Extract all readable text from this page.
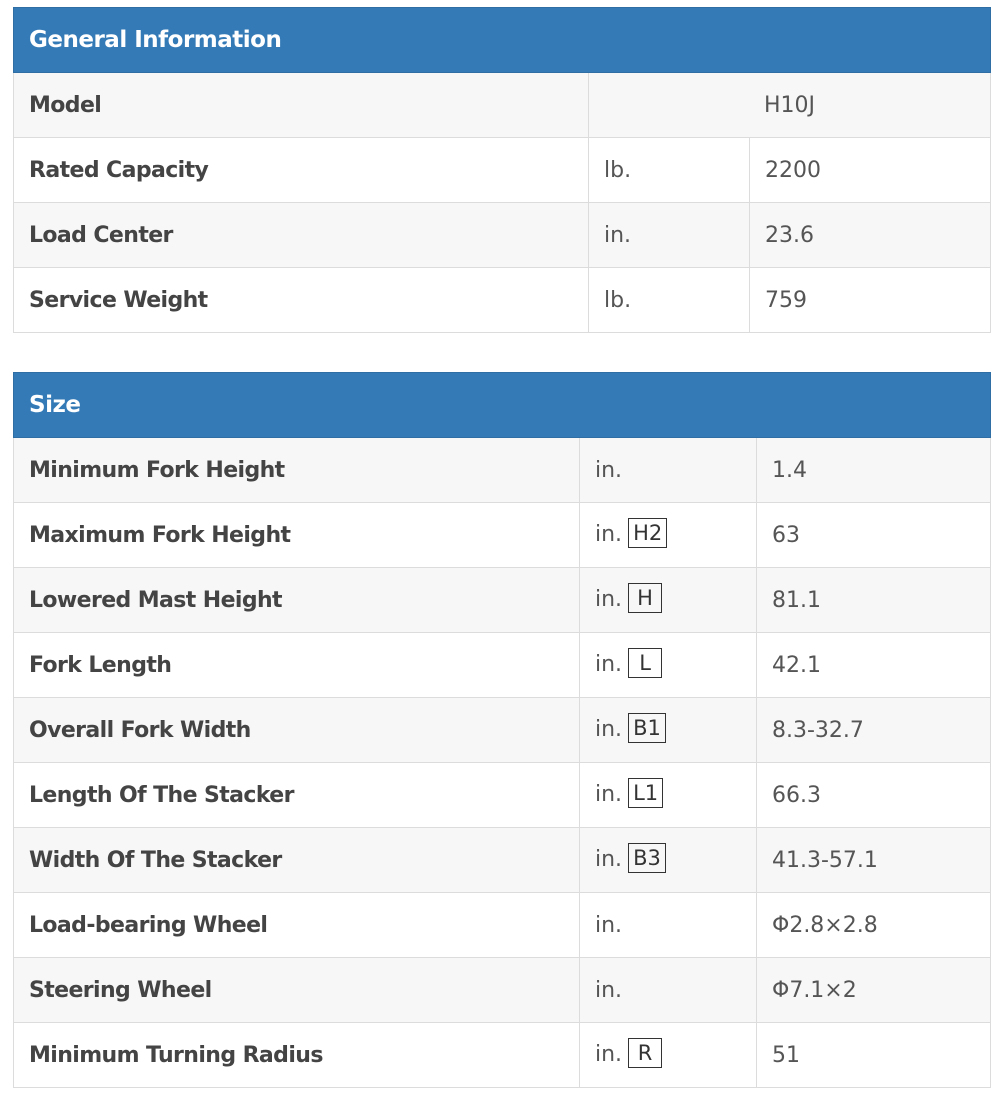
General Information		
Model	H10J	
Rated Capacity	lb.	2200
Load Center	in.	23.6
Service Weight	lb.	759
Size		
Minimum Fork Height	in.	1.4
Maximum Fork Height	in. H2	63
Lowered Mast Height	in. H	81.1
Fork Length	in. L	42.1
Overall Fork Width	in. B1	8.3-32.7
Length Of The Stacker	in. L1	66.3
Width Of The Stacker	in. B3	41.3-57.1
Load-bearing Wheel	in.	Φ2.8×2.8
Steering Wheel	in.	Φ7.1×2
Minimum Turning Radius	in. R	51
